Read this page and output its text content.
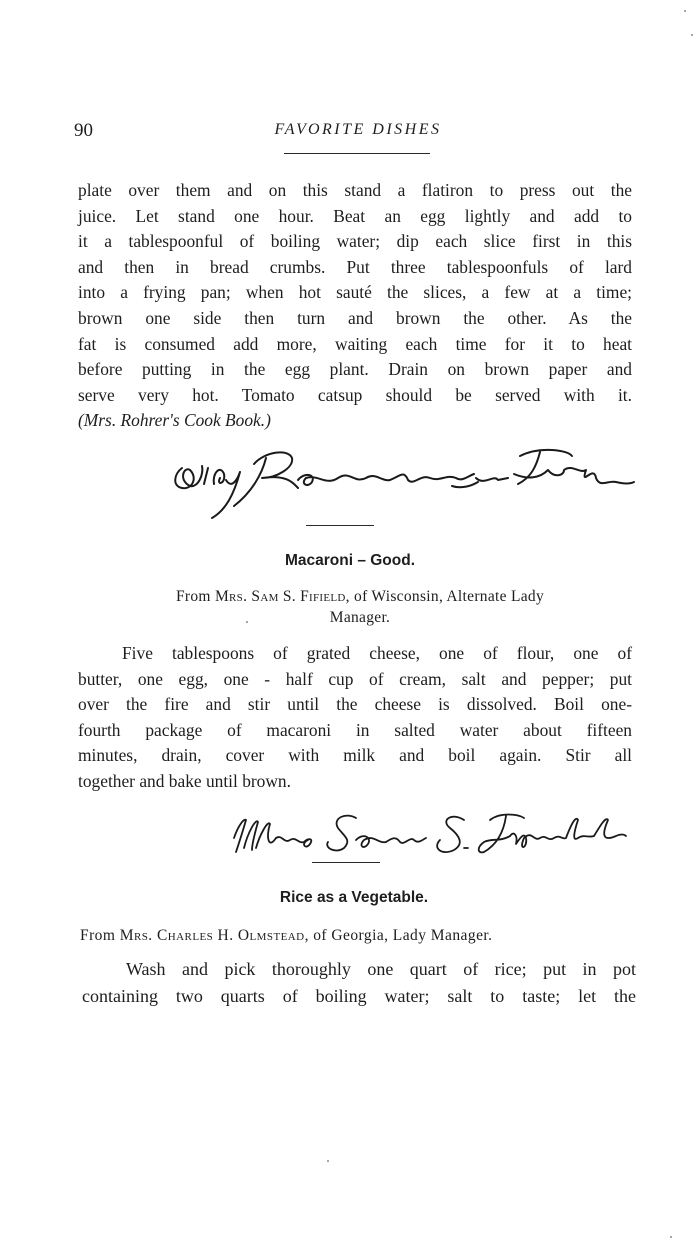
90	FAVORITE DISHES
plate over them and on this stand a flatiron to press out the
juice. Let stand one hour. Beat an egg lightly and add to
it a tablespoonful of boiling water; dip each slice first in this
and then in bread crumbs. Put three tablespoonfuls of lard
into a frying pan; when hot sauté the slices, a few at a time;
brown one side then turn and brown the other. As the
fat is consumed add more, waiting each time for it to heat
before putting in the egg plant. Drain on brown paper and
serve very hot. Tomato catsup should be served with it.
(Mrs. Rohrer's Cook Book.)
Macaroni – Good.
From Mrs. Sam S. Fifield, of Wisconsin, Alternate Lady
Manager.
Five tablespoons of grated cheese, one of flour, one of
butter, one egg, one - half cup of cream, salt and pepper; put
over the fire and stir until the cheese is dissolved. Boil one-
fourth package of macaroni in salted water about fifteen
minutes, drain, cover with milk and boil again. Stir all
together and bake until brown.
Rice as a Vegetable.
From Mrs. Charles H. Olmstead, of Georgia, Lady Manager.
Wash and pick thoroughly one quart of rice; put in pot
containing two quarts of boiling water; salt to taste; let the
